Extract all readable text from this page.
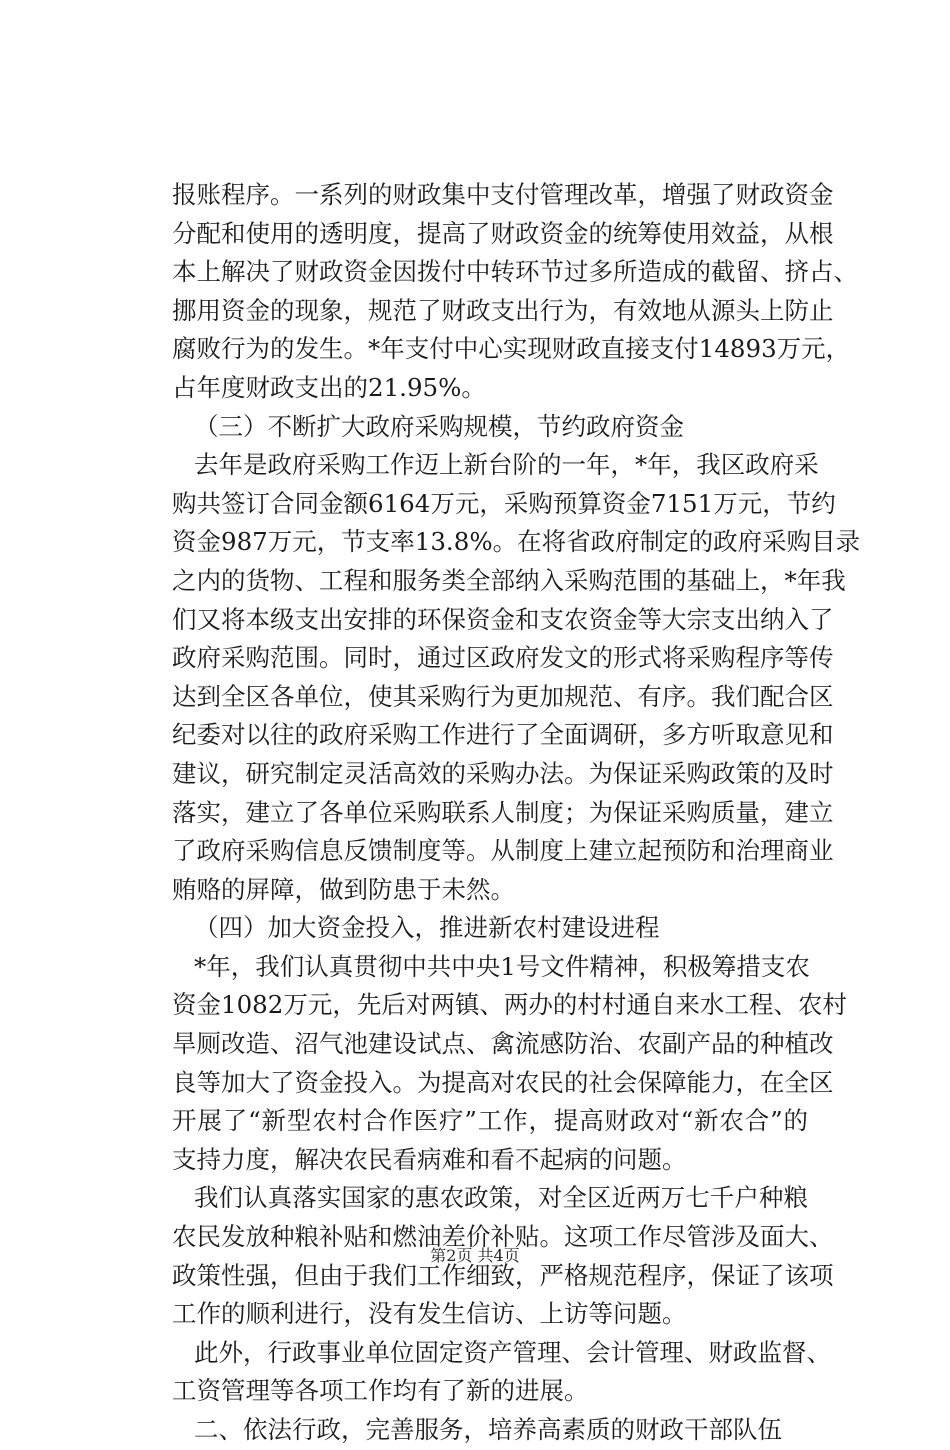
报账程序。一系列的财政集中支付管理改革，增强了财政资金
分配和使用的透明度，提高了财政资金的统筹使用效益，从根
本上解决了财政资金因拨付中转环节过多所造成的截留、挤占、
挪用资金的现象，规范了财政支出行为，有效地从源头上防止
腐败行为的发生。*年支付中心实现财政直接支付14893万元，
占年度财政支出的21.95%。
（三）不断扩大政府采购规模，节约政府资金
去年是政府采购工作迈上新台阶的一年，*年，我区政府采
购共签订合同金额6164万元，采购预算资金7151万元，节约
资金987万元，节支率13.8%。在将省政府制定的政府采购目录
之内的货物、工程和服务类全部纳入采购范围的基础上，*年我
们又将本级支出安排的环保资金和支农资金等大宗支出纳入了
政府采购范围。同时，通过区政府发文的形式将采购程序等传
达到全区各单位，使其采购行为更加规范、有序。我们配合区
纪委对以往的政府采购工作进行了全面调研，多方听取意见和
建议，研究制定灵活高效的采购办法。为保证采购政策的及时
落实，建立了各单位采购联系人制度；为保证采购质量，建立
了政府采购信息反馈制度等。从制度上建立起预防和治理商业
贿赂的屏障，做到防患于未然。
（四）加大资金投入，推进新农村建设进程
*年，我们认真贯彻中共中央1号文件精神，积极筹措支农
资金1082万元，先后对两镇、两办的村村通自来水工程、农村
旱厕改造、沼气池建设试点、禽流感防治、农副产品的种植改
良等加大了资金投入。为提高对农民的社会保障能力，在全区
开展了“新型农村合作医疗”工作，提高财政对“新农合”的
支持力度，解决农民看病难和看不起病的问题。
我们认真落实国家的惠农政策，对全区近两万七千户种粮
农民发放种粮补贴和燃油差价补贴。这项工作尽管涉及面大、
政策性强，但由于我们工作细致，严格规范程序，保证了该项
工作的顺利进行，没有发生信访、上访等问题。
此外，行政事业单位固定资产管理、会计管理、财政监督、
工资管理等各项工作均有了新的进展。
二、依法行政，完善服务，培养高素质的财政干部队伍
第2页 共4页
